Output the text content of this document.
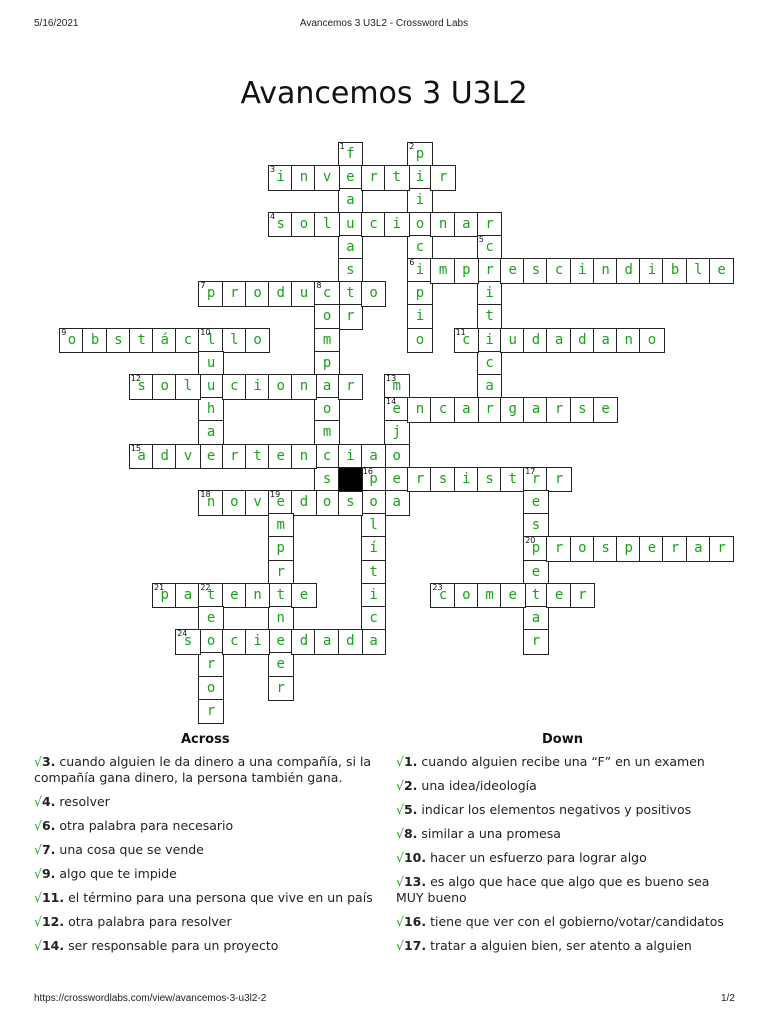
5/16/2021	Avancemos 3 U3L2 - Crossword Labs
Avancemos 3 U3L2
f
1
e
a
u
a
s
t
r
p
2
i
i
o
c
i
6
p
i
o
i
3	n	v	r	t	r
s
4	o	l	c	i	n	a	r
c
5
r
i
t
i
c
a
r
m	p	e	s	c	i	n	d	i	b	l	e
p
7	r	o	d	u	c
8	o
o
m
p
a
o
m
c
s
o
o
9	b	s	t	á	c	l
10	l	o
u
u
h
a
e
c
11	u	d	a	d	a	n	o
s
12	o	l	c	i	o	n	r	m
13
e
14
j
o
e
a
n	c	a	g	a	r	s	e
a
15	d	v	r	t	e	n	i	a
p
16	r	s	i	s	t	r
17	r
o
l
í
t
i
c
a
e
s
p
20
e
t
a
r
n
18	o	v	e
19	d	s
m
p
r
t
n
e
e
r
r	o	s	p	e	r	a	r
p
21	a	t
22	e	n	e
e
o
r
o
r
c
23	o	m	e	e	r
s
24	c	i	d	a	d
Across	Down
√3. cuando alguien le da dinero a una compañía, si la compañía gana dinero, la persona también gana.
√4. resolver
√6. otra palabra para necesario
√7. una cosa que se vende
√9. algo que te impide
√11. el término para una persona que vive en un país
√12. otra palabra para resolver
√14. ser responsable para un proyecto
√1. cuando alguien recibe una “F” en un examen
√2. una idea/ideología
√5. indicar los elementos negativos y positivos
√8. similar a una promesa
√10. hacer un esfuerzo para lograr algo
√13. es algo que hace que algo que es bueno sea MUY bueno
√16. tiene que ver con el gobierno/votar/candidatos
√17. tratar a alguien bien, ser atento a alguien
https://crosswordlabs.com/view/avancemos-3-u3l2-2	1/2
